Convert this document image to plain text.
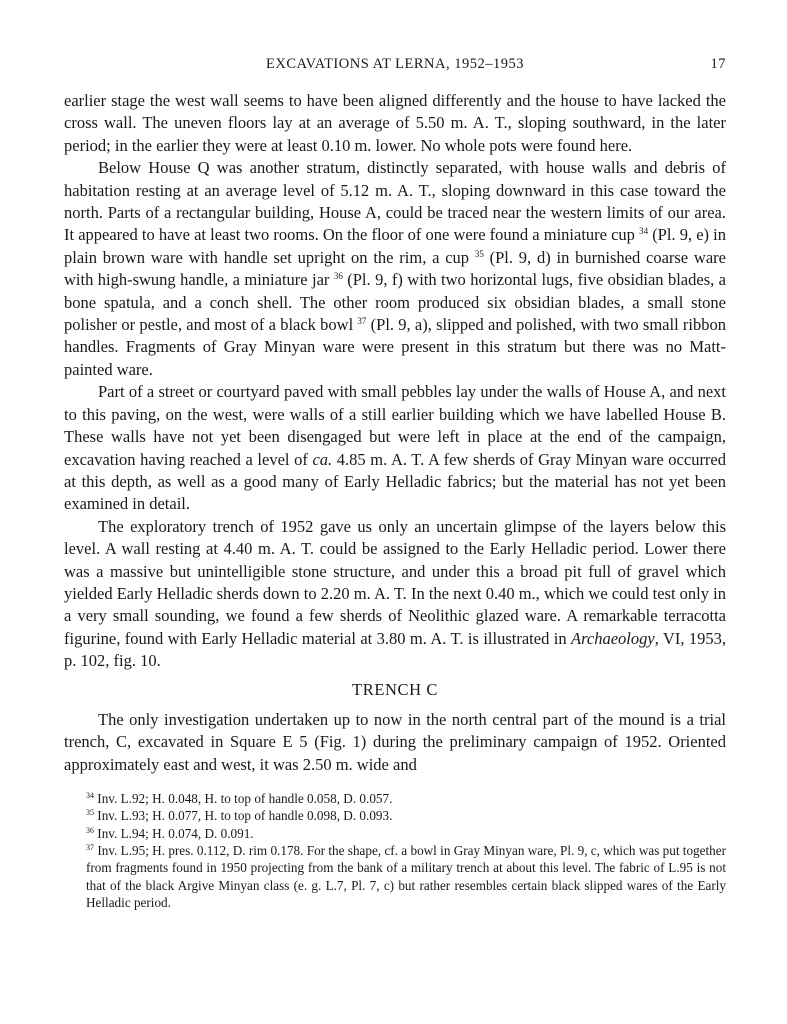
EXCAVATIONS AT LERNA, 1952–1953	17

earlier stage the west wall seems to have been aligned differently and the house to have lacked the cross wall. The uneven floors lay at an average of 5.50 m. A. T., sloping southward, in the later period; in the earlier they were at least 0.10 m. lower. No whole pots were found here.

Below House Q was another stratum, distinctly separated, with house walls and debris of habitation resting at an average level of 5.12 m. A. T., sloping downward in this case toward the north. Parts of a rectangular building, House A, could be traced near the western limits of our area. It appeared to have at least two rooms. On the floor of one were found a miniature cup $^{34}$ (Pl. 9, e) in plain brown ware with handle set upright on the rim, a cup $^{35}$ (Pl. 9, d) in burnished coarse ware with high-swung handle, a miniature jar $^{36}$ (Pl. 9, f) with two horizontal lugs, five obsidian blades, a bone spatula, and a conch shell. The other room produced six obsidian blades, a small stone polisher or pestle, and most of a black bowl $^{37}$ (Pl. 9, a), slipped and polished, with two small ribbon handles. Fragments of Gray Minyan ware were present in this stratum but there was no Matt-painted ware.

Part of a street or courtyard paved with small pebbles lay under the walls of House A, and next to this paving, on the west, were walls of a still earlier building which we have labelled House B. These walls have not yet been disengaged but were left in place at the end of the campaign, excavation having reached a level of ca. 4.85 m. A. T. A few sherds of Gray Minyan ware occurred at this depth, as well as a good many of Early Helladic fabrics; but the material has not yet been examined in detail.

The exploratory trench of 1952 gave us only an uncertain glimpse of the layers below this level. A wall resting at 4.40 m. A. T. could be assigned to the Early Helladic period. Lower there was a massive but unintelligible stone structure, and under this a broad pit full of gravel which yielded Early Helladic sherds down to 2.20 m. A. T. In the next 0.40 m., which we could test only in a very small sounding, we found a few sherds of Neolithic glazed ware. A remarkable terracotta figurine, found with Early Helladic material at 3.80 m. A. T. is illustrated in Archaeology, VI, 1953, p. 102, fig. 10.

TRENCH C

The only investigation undertaken up to now in the north central part of the mound is a trial trench, C, excavated in Square E 5 (Fig. 1) during the preliminary campaign of 1952. Oriented approximately east and west, it was 2.50 m. wide and

$^{34}$ Inv. L.92; H. 0.048, H. to top of handle 0.058, D. 0.057.

$^{35}$ Inv. L.93; H. 0.077, H. to top of handle 0.098, D. 0.093.

$^{36}$ Inv. L.94; H. 0.074, D. 0.091.

$^{37}$ Inv. L.95; H. pres. 0.112, D. rim 0.178. For the shape, cf. a bowl in Gray Minyan ware, Pl. 9, c, which was put together from fragments found in 1950 projecting from the bank of a military trench at about this level. The fabric of L.95 is not that of the black Argive Minyan class (e. g. L.7, Pl. 7, c) but rather resembles certain black slipped wares of the Early Helladic period.
